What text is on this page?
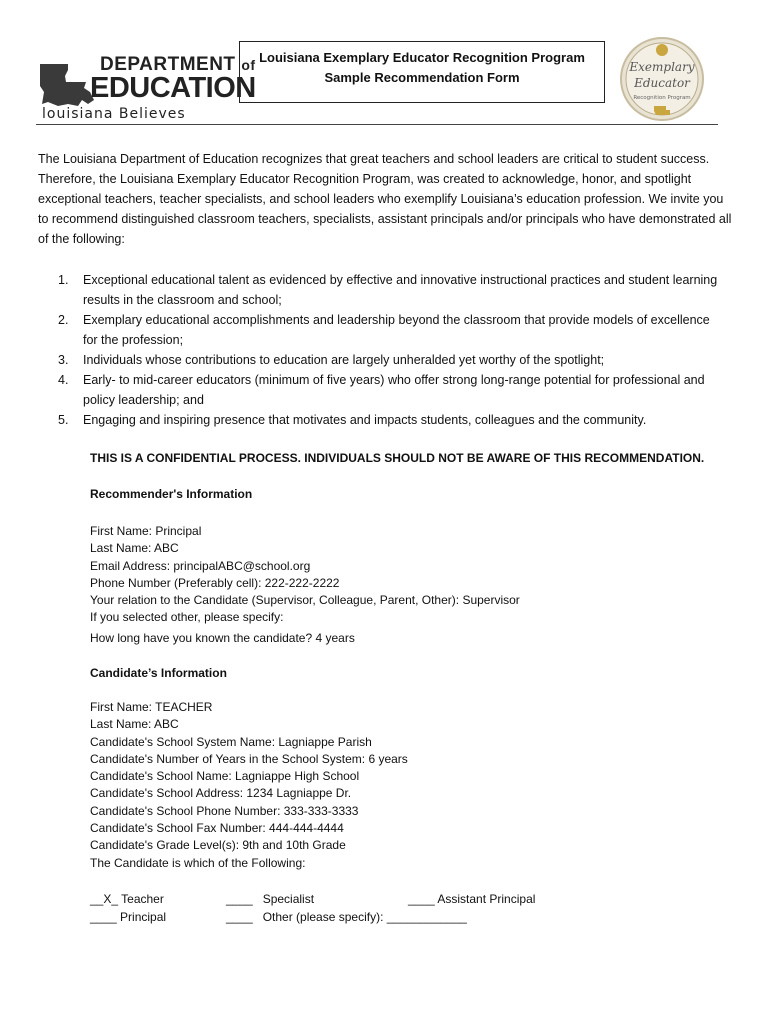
DEPARTMENT of
EDUCATION
louisiana Believes
Louisiana Exemplary Educator Recognition Program
Sample Recommendation Form
Exemplary
Educator
Recognition Program
The Louisiana Department of Education recognizes that great teachers and school leaders are critical to student success. Therefore, the Louisiana Exemplary Educator Recognition Program, was created to acknowledge, honor, and spotlight exceptional teachers, teacher specialists, and school leaders who exemplify Louisiana’s education profession. We invite you to recommend distinguished classroom teachers, specialists, assistant principals and/or principals who have demonstrated all of the following:
1. Exceptional educational talent as evidenced by effective and innovative instructional practices and student learning
results in the classroom and school;
2. Exemplary educational accomplishments and leadership beyond the classroom that provide models of excellence
for the profession;
3. Individuals whose contributions to education are largely unheralded yet worthy of the spotlight;
4. Early- to mid-career educators (minimum of five years) who offer strong long-range potential for professional and
policy leadership; and
5. Engaging and inspiring presence that motivates and impacts students, colleagues and the community.
THIS IS A CONFIDENTIAL PROCESS. INDIVIDUALS SHOULD NOT BE AWARE OF THIS RECOMMENDATION.
Recommender's Information
First Name: Principal
Last Name: ABC
Email Address: principalABC@school.org
Phone Number (Preferably cell): 222-222-2222
Your relation to the Candidate (Supervisor, Colleague, Parent, Other): Supervisor
If you selected other, please specify:
How long have you known the candidate? 4 years
Candidate’s Information
First Name: TEACHER
Last Name: ABC
Candidate's School System Name: Lagniappe Parish
Candidate's Number of Years in the School System: 6 years
Candidate's School Name: Lagniappe High School
Candidate's School Address: 1234 Lagniappe Dr.
Candidate's School Phone Number: 333-333-3333
Candidate's School Fax Number: 444-444-4444
Candidate's Grade Level(s): 9th and 10th Grade
The Candidate is which of the Following:
__X_ Teacher
____ Principal
____   Specialist
____   Other (please specify): ____________
____ Assistant Principal
